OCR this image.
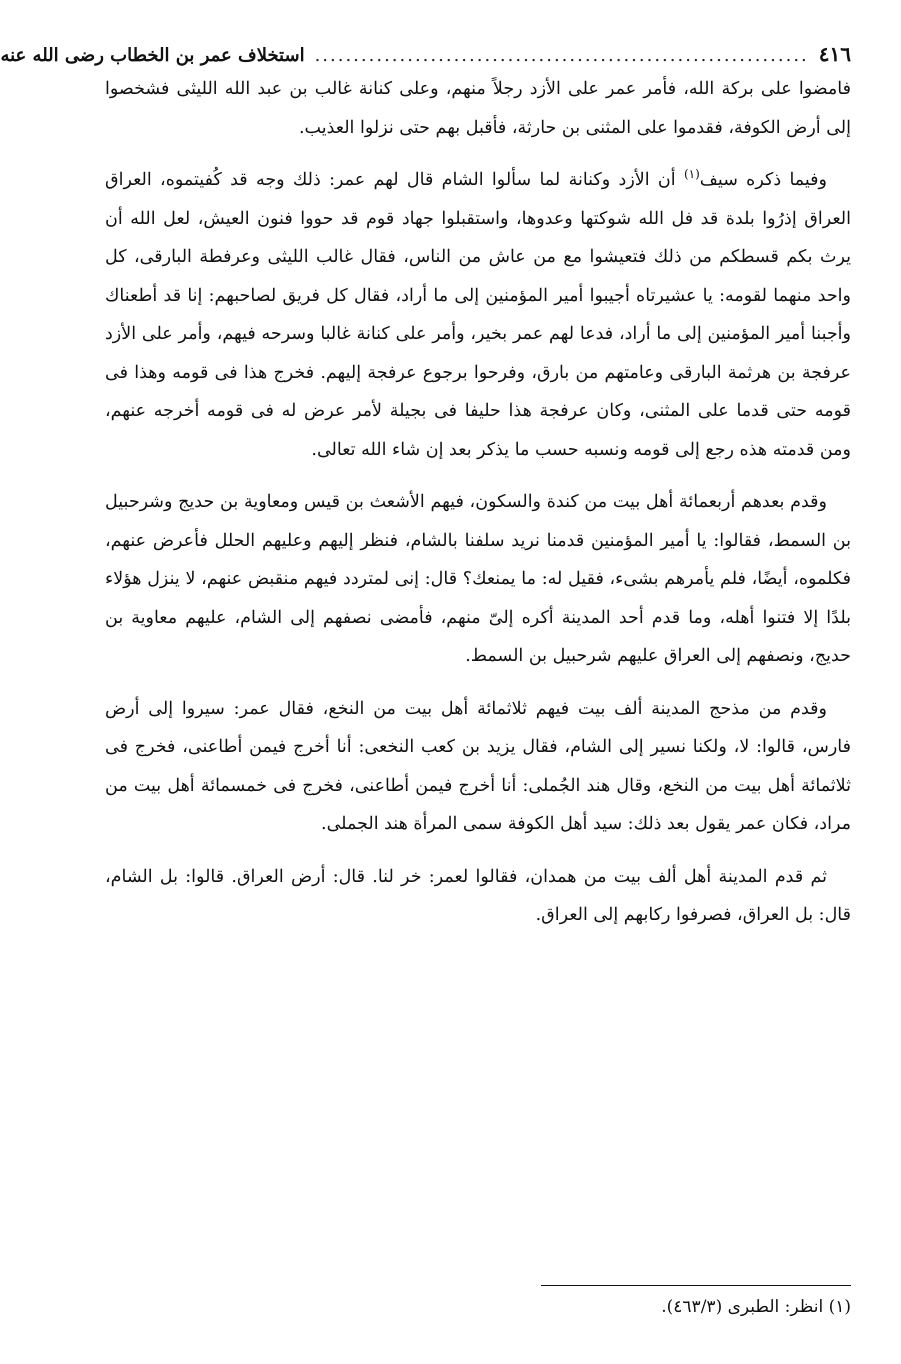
٤١٦
................................................................
استخلاف عمر بن الخطاب رضى الله عنه

فامضوا على بركة الله، فأمر عمر على الأزد رجلاً منهم، وعلى كنانة غالب بن عبد الله الليثى فشخصوا إلى أرض الكوفة، فقدموا على المثنى بن حارثة، فأقبل بهم حتى نزلوا العذيب.

وفيما ذكره سيف$^{(١)}$ أن الأزد وكنانة لما سألوا الشام قال لهم عمر: ذلك وجه قد كُفيتموه، العراق العراق إذرُوا بلدة قد فل الله شوكتها وعدوها، واستقبلوا جهاد قوم قد حووا فنون العيش، لعل الله أن يرث بكم قسطكم من ذلك فتعيشوا مع من عاش من الناس، فقال غالب الليثى وعرفطة البارقى، كل واحد منهما لقومه: يا عشيرتاه أجيبوا أمير المؤمنين إلى ما أراد، فقال كل فريق لصاحبهم: إنا قد أطعناك وأجبنا أمير المؤمنين إلى ما أراد، فدعا لهم عمر بخير، وأمر على كنانة غالبا وسرحه فيهم، وأمر على الأزد عرفجة بن هرثمة البارقى وعامتهم من بارق، وفرحوا برجوع عرفجة إليهم. فخرج هذا فى قومه وهذا فى قومه حتى قدما على المثنى، وكان عرفجة هذا حليفا فى بجيلة لأمر عرض له فى قومه أخرجه عنهم، ومن قدمته هذه رجع إلى قومه ونسبه حسب ما يذكر بعد إن شاء الله تعالى.

وقدم بعدهم أربعمائة أهل بيت من كندة والسكون، فيهم الأشعث بن قيس ومعاوية بن حديج وشرحبيل بن السمط، فقالوا: يا أمير المؤمنين قدمنا نريد سلفنا بالشام، فنظر إليهم وعليهم الحلل فأعرض عنهم، فكلموه، أيضًا، فلم يأمرهم بشىء، فقيل له: ما يمنعك؟ قال: إنى لمتردد فيهم منقبض عنهم، لا ينزل هؤلاء بلدًا إلا فتنوا أهله، وما قدم أحد المدينة أكره إلىّ منهم، فأمضى نصفهم إلى الشام، عليهم معاوية بن حديج، ونصفهم إلى العراق عليهم شرحبيل بن السمط.

وقدم من مذحج المدينة ألف بيت فيهم ثلاثمائة أهل بيت من النخع، فقال عمر: سيروا إلى أرض فارس، قالوا: لا، ولكنا نسير إلى الشام، فقال يزيد بن كعب النخعى: أنا أخرج فيمن أطاعنى، فخرج فى ثلاثمائة أهل بيت من النخع، وقال هند الجُملى: أنا أخرج فيمن أطاعنى، فخرج فى خمسمائة أهل بيت من مراد، فكان عمر يقول بعد ذلك: سيد أهل الكوفة سمى المرأة هند الجملى.

ثم قدم المدينة أهل ألف بيت من همدان، فقالوا لعمر: خر لنا. قال: أرض العراق. قالوا: بل الشام، قال: بل العراق، فصرفوا ركابهم إلى العراق.

(١) انظر: الطبرى (٤٦٣/٣).
